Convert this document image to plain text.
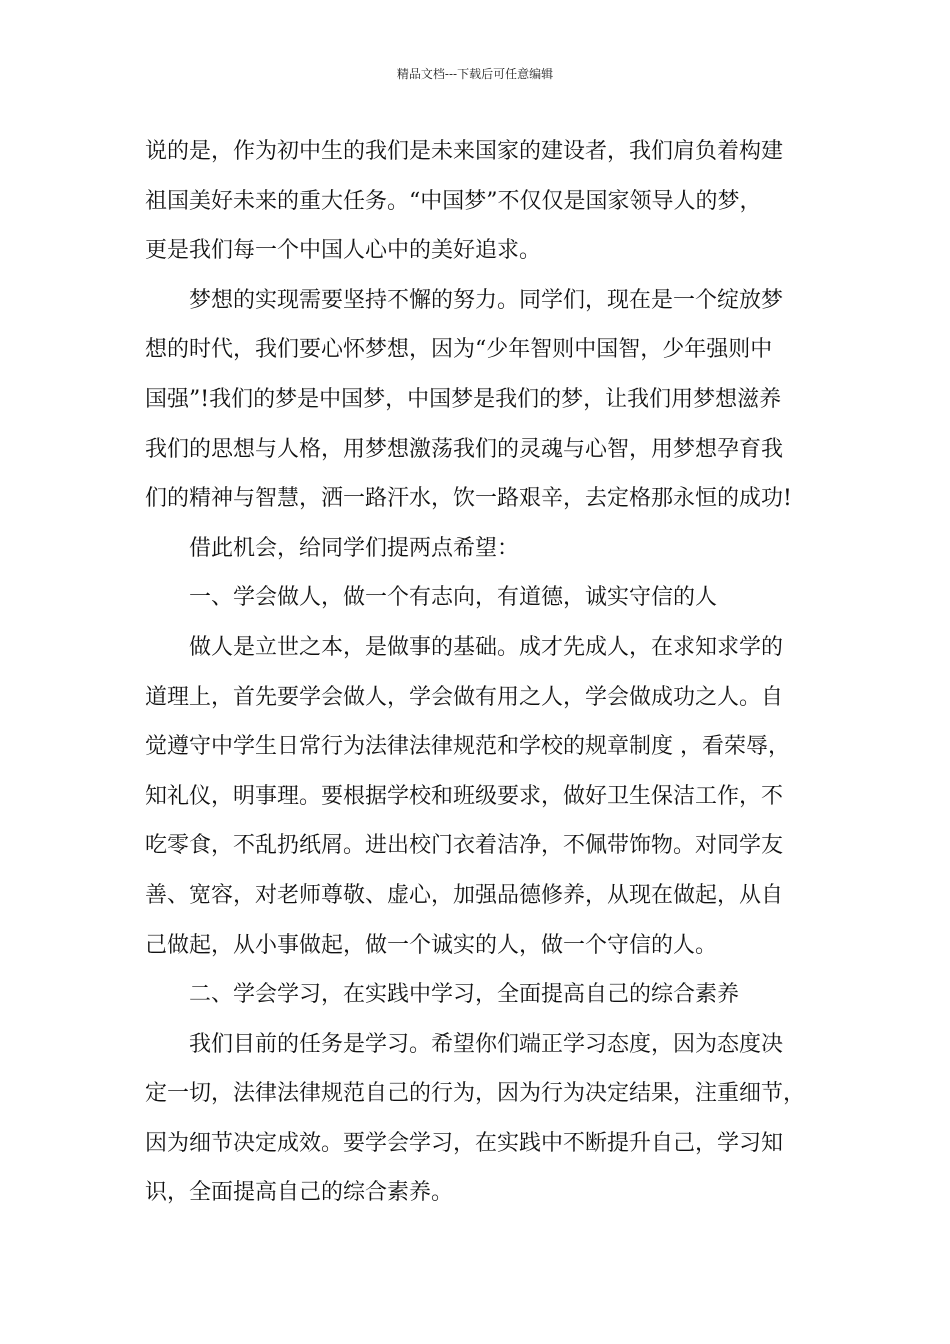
精品文档---下载后可任意编辑
说的是，作为初中生的我们是未来国家的建设者，我们肩负着构建
祖国美好未来的重大任务。“中国梦”不仅仅是国家领导人的梦，
更是我们每一个中国人心中的美好追求。
梦想的实现需要坚持不懈的努力。同学们，现在是一个绽放梦
想的时代，我们要心怀梦想，因为“少年智则中国智，少年强则中
国强”!我们的梦是中国梦，中国梦是我们的梦，让我们用梦想滋养
我们的思想与人格，用梦想激荡我们的灵魂与心智，用梦想孕育我
们的精神与智慧，洒一路汗水，饮一路艰辛，去定格那永恒的成功!
借此机会，给同学们提两点希望：
一、学会做人，做一个有志向，有道德，诚实守信的人
做人是立世之本，是做事的基础。成才先成人，在求知求学的
道理上，首先要学会做人，学会做有用之人，学会做成功之人。自
觉遵守中学生日常行为法律法律规范和学校的规章制度 ，看荣辱，
知礼仪，明事理。要根据学校和班级要求，做好卫生保洁工作，不
吃零食，不乱扔纸屑。进出校门衣着洁净，不佩带饰物。对同学友
善、宽容，对老师尊敬、虚心，加强品德修养，从现在做起，从自
己做起，从小事做起，做一个诚实的人，做一个守信的人。
二、学会学习，在实践中学习，全面提高自己的综合素养
我们目前的任务是学习。希望你们端正学习态度，因为态度决
定一切，法律法律规范自己的行为，因为行为决定结果，注重细节，
因为细节决定成效。要学会学习，在实践中不断提升自己，学习知
识，全面提高自己的综合素养。
